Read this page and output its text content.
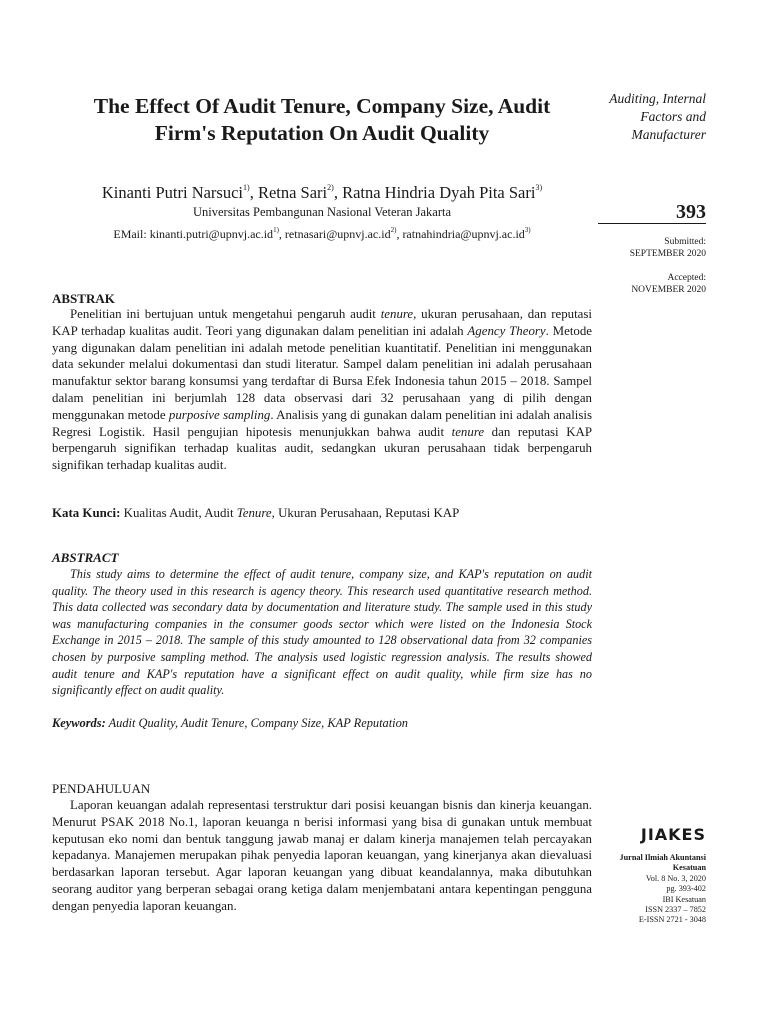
The Effect Of Audit Tenure, Company Size, Audit
Firm's Reputation On Audit Quality
Kinanti Putri Narsuci$^{1)}$, Retna Sari$^{2)}$, Ratna Hindria Dyah Pita Sari$^{3)}$
Universitas Pembangunan Nasional Veteran Jakarta
EMail: $kinanti.putri@upnvj.ac.id^{1)}$, $retnasari@upnvj.ac.id^{2)}$, $ratnahindria@upnvj.ac.id^{3)}$
Auditing, Internal
Factors and
Manufacturer
393
Submitted:
SEPTEMBER 2020
Accepted:
NOVEMBER 2020
JIAKES
Jurnal Ilmiah Akuntansi
Kesatuan
Vol. 8 No. 3, 2020
pg. 393-402
IBI Kesatuan
ISSN 2337 – 7852
E-ISSN 2721 - 3048
ABSTRAK
Penelitian ini bertujuan untuk mengetahui pengaruh audit tenure, ukuran perusahaan, dan reputasi KAP terhadap kualitas audit. Teori yang digunakan dalam penelitian ini adalah Agency Theory. Metode yang digunakan dalam penelitian ini adalah metode penelitian kuantitatif. Penelitian ini menggunakan data sekunder melalui dokumentasi dan studi literatur. Sampel dalam penelitian ini adalah perusahaan manufaktur sektor barang konsumsi yang terdaftar di Bursa Efek Indonesia tahun 2015 – 2018. Sampel dalam penelitian ini berjumlah 128 data observasi dari 32 perusahaan yang di pilih dengan menggunakan metode purposive sampling. Analisis yang di gunakan dalam penelitian ini adalah analisis Regresi Logistik. Hasil pengujian hipotesis menunjukkan bahwa audit tenure dan reputasi KAP berpengaruh signifikan terhadap kualitas audit, sedangkan ukuran perusahaan tidak berpengaruh signifikan terhadap kualitas audit.
Kata Kunci: Kualitas Audit, Audit Tenure, Ukuran Perusahaan, Reputasi KAP
ABSTRACT
This study aims to determine the effect of audit tenure, company size, and KAP's reputation on audit quality. The theory used in this research is agency theory. This research used quantitative research method. This data collected was secondary data by documentation and literature study. The sample used in this study was manufacturing companies in the consumer goods sector which were listed on the Indonesia Stock Exchange in 2015 – 2018. The sample of this study amounted to 128 observational data from 32 companies chosen by purposive sampling method. The analysis used logistic regression analysis. The results showed audit tenure and KAP's reputation have a significant effect on audit quality, while firm size has no significantly effect on audit quality.
Keywords: Audit Quality, Audit Tenure, Company Size, KAP Reputation
PENDAHULUAN
Laporan keuangan adalah representasi terstruktur dari posisi keuangan bisnis dan kinerja keuangan. Menurut PSAK 2018 No.1, laporan keuanga n berisi informasi yang bisa di gunakan untuk membuat keputusan eko nomi dan bentuk tanggung jawab manaj er dalam kinerja manajemen telah percayakan kepadanya. Manajemen merupakan pihak penyedia laporan keuangan, yang kinerjanya akan dievaluasi berdasarkan laporan tersebut. Agar laporan keuangan yang dibuat keandalannya, maka dibutuhkan seorang auditor yang berperan sebagai orang ketiga dalam menjembatani antara kepentingan pengguna dengan penyedia laporan keuangan.
